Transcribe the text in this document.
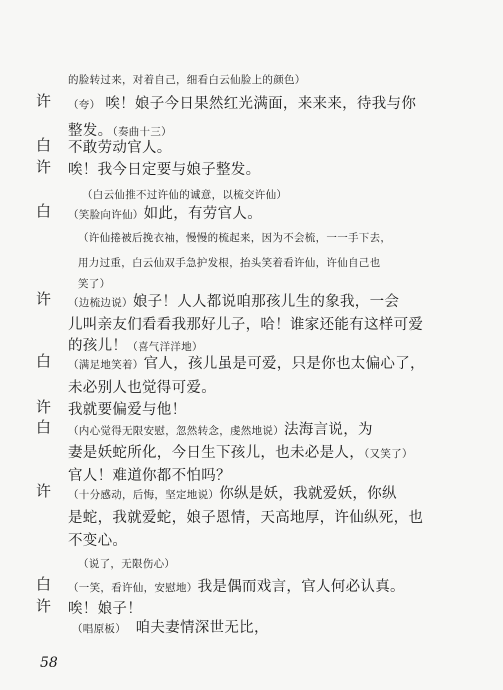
的脸转过来，对着自己，细看白云仙脸上的颜色）
许 （夸） 唉！娘子今日果然红光满面，来来来，待我与你
整发。（奏曲十三）
白 不敢劳动官人。
许 唉！我今日定要与娘子整发。
（白云仙推不过许仙的诚意，以梳交许仙）
白 （笑脸向许仙）如此，有劳官人。
（许仙捲被后挽衣袖，慢慢的梳起来，因为不会梳，一一手下去，
用力过重，白云仙双手急护发根，抬头笑着看许仙，许仙自己也
笑了）
许 （边梳边说）娘子！人人都说咱那孩儿生的象我，一会
儿叫亲友们看看我那好儿子，哈！谁家还能有这样可爱
的孩儿！（喜气洋洋地）
白 （满足地笑着）官人，孩儿虽是可爱，只是你也太偏心了，
未必别人也觉得可爱。
许 我就要偏爱与他！
白 （内心觉得无限安慰，忽然转念，虔然地说）法海言说，为
妻是妖蛇所化，今日生下孩儿，也未必是人，（又笑了）
官人！难道你都不怕吗？
许 （十分感动，后悔，坚定地说）你纵是妖，我就爱妖，你纵
是蛇，我就爱蛇，娘子恩情，天高地厚，许仙纵死，也
不变心。
（说了，无限伤心）
白 （一笑，看许仙，安慰地）我是偶而戏言，官人何必认真。
许 唉！娘子！
（唱原板）　咱夫妻情深世无比，
58
